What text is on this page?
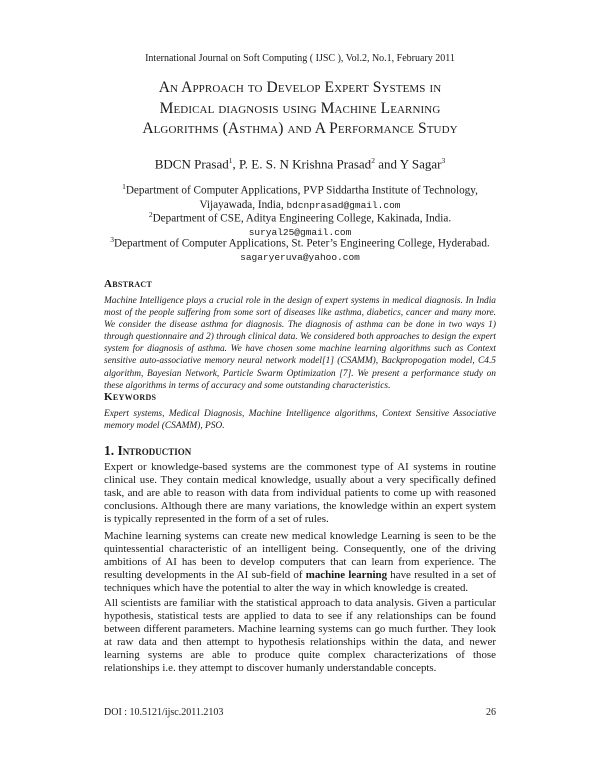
International Journal on Soft Computing ( IJSC ), Vol.2, No.1, February 2011
An Approach to Develop Expert Systems in
Medical diagnosis using Machine Learning
Algorithms (Asthma) and A Performance Study
BDCN Prasad$^1$, P. E. S. N Krishna Prasad$^2$ and Y Sagar$^3$
$^1$Department of Computer Applications, PVP Siddartha Institute of Technology,
Vijayawada, India, bdcnprasad@gmail.com
$^2$Department of CSE, Aditya Engineering College, Kakinada, India.
suryal25@gmail.com
$^3$Department of Computer Applications, St. Peter’s Engineering College, Hyderabad.
sagaryeruva@yahoo.com
Abstract
Machine Intelligence plays a crucial role in the design of expert systems in medical diagnosis. In India most of the people suffering from some sort of diseases like asthma, diabetics, cancer and many more. We consider the disease asthma for diagnosis. The diagnosis of asthma can be done in two ways 1) through questionnaire and 2) through clinical data. We considered both approaches to design the expert system for diagnosis of asthma. We have chosen some machine learning algorithms such as Context sensitive auto-associative memory neural network model[1] (CSAMM), Backpropogation model, C4.5 algorithm, Bayesian Network, Particle Swarm Optimization [7]. We present a performance study on these algorithms in terms of accuracy and some outstanding characteristics.
Keywords
Expert systems, Medical Diagnosis, Machine Intelligence algorithms, Context Sensitive Associative memory model (CSAMM), PSO.
1. Introduction
Expert or knowledge-based systems are the commonest type of AI systems in routine clinical use. They contain medical knowledge, usually about a very specifically defined task, and are able to reason with data from individual patients to come up with reasoned conclusions. Although there are many variations, the knowledge within an expert system is typically represented in the form of a set of rules.
Machine learning systems can create new medical knowledge Learning is seen to be the quintessential characteristic of an intelligent being. Consequently, one of the driving ambitions of AI has been to develop computers that can learn from experience. The resulting developments in the AI sub-field of machine learning have resulted in a set of techniques which have the potential to alter the way in which knowledge is created.
All scientists are familiar with the statistical approach to data analysis. Given a particular hypothesis, statistical tests are applied to data to see if any relationships can be found between different parameters. Machine learning systems can go much further. They look at raw data and then attempt to hypothesis relationships within the data, and newer learning systems are able to produce quite complex characterizations of those relationships i.e. they attempt to discover humanly understandable concepts.
DOI : 10.5121/ijsc.2011.2103	26
